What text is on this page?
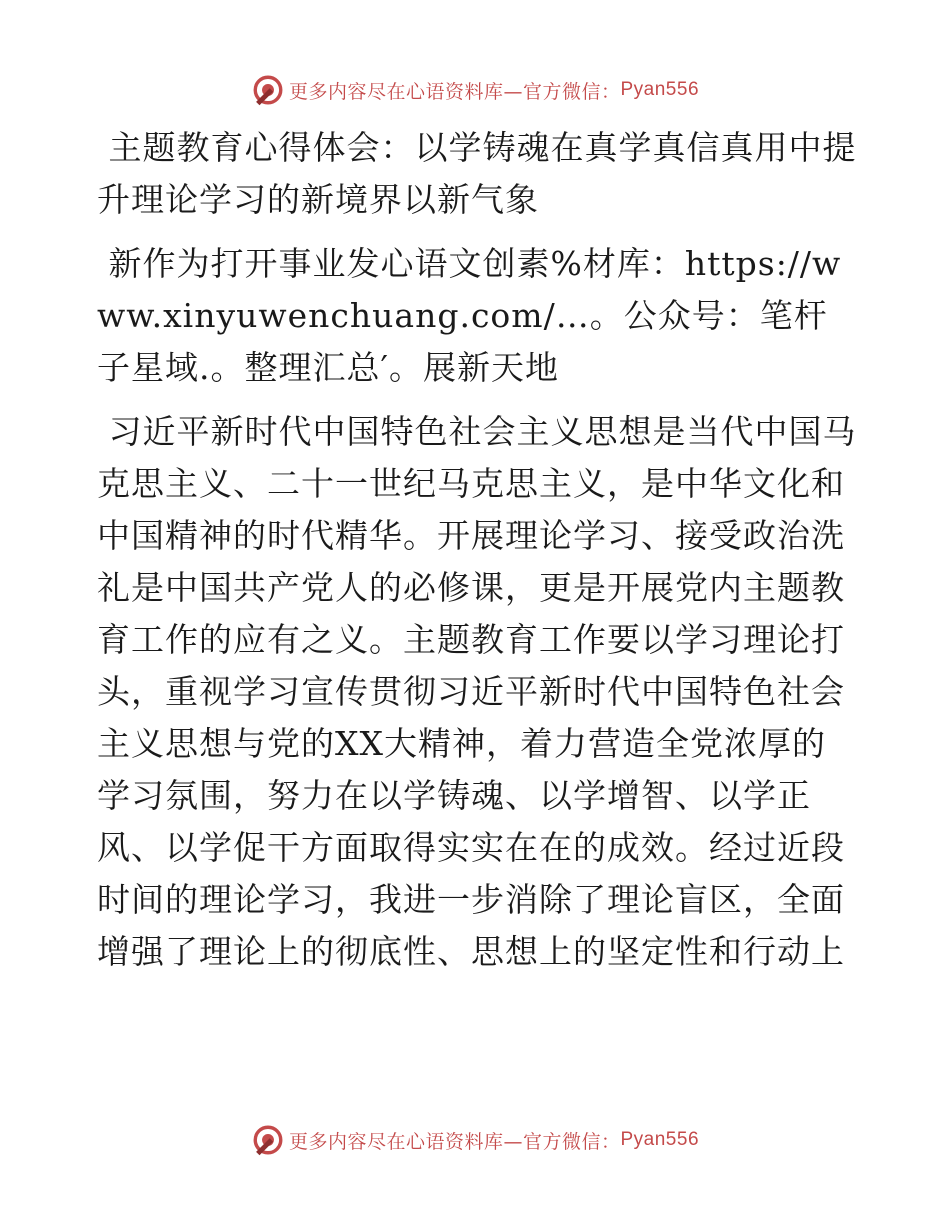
更多内容尽在心语资料库—官方微信： Pyan556

主题教育心得体会：以学铸魂在真学真信真用中提升理论学习的新境界以新气象

新作为打开事业发心语文创素%材库：https://www.xinyuwenchuang.com/…。公众号：笔杆子星域.。整理汇总′。展新天地

习近平新时代中国特色社会主义思想是当代中国马克思主义、二十一世纪马克思主义，是中华文化和中国精神的时代精华。开展理论学习、接受政治洗礼是中国共产党人的必修课，更是开展党内主题教育工作的应有之义。主题教育工作要以学习理论打头，重视学习宣传贯彻习近平新时代中国特色社会主义思想与党的XX大精神，着力营造全党浓厚的学习氛围，努力在以学铸魂、以学增智、以学正风、以学促干方面取得实实在在的成效。经过近段时间的理论学习，我进一步消除了理论盲区，全面增强了理论上的彻底性、思想上的坚定性和行动上

更多内容尽在心语资料库—官方微信： Pyan556
